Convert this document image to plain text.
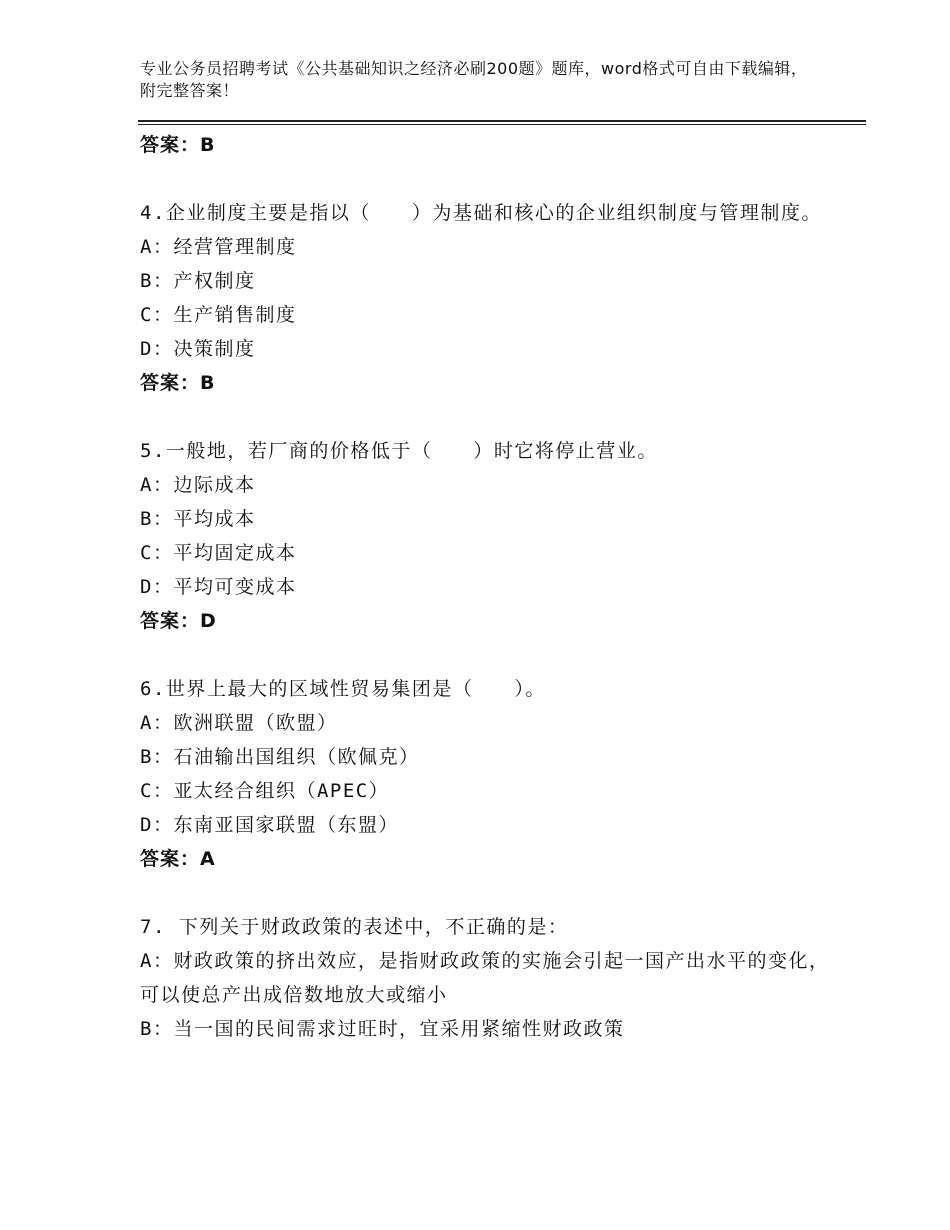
专业公务员招聘考试《公共基础知识之经济必刷200题》题库，word格式可自由下载编辑，附完整答案！
答案：B

4.企业制度主要是指以（　　）为基础和核心的企业组织制度与管理制度。

A：经营管理制度

B：产权制度

C：生产销售制度

D：决策制度

答案：B

5.一般地，若厂商的价格低于（　　）时它将停止营业。

A：边际成本

B：平均成本

C：平均固定成本

D：平均可变成本

答案：D

6.世界上最大的区域性贸易集团是（　　）。

A：欧洲联盟（欧盟）

B：石油输出国组织（欧佩克）

C：亚太经合组织（APEC）

D：东南亚国家联盟（东盟）

答案：A

7. 下列关于财政政策的表述中，不正确的是：

A：财政政策的挤出效应，是指财政政策的实施会引起一国产出水平的变化，可以使总产出成倍数地放大或缩小

B：当一国的民间需求过旺时，宜采用紧缩性财政政策
